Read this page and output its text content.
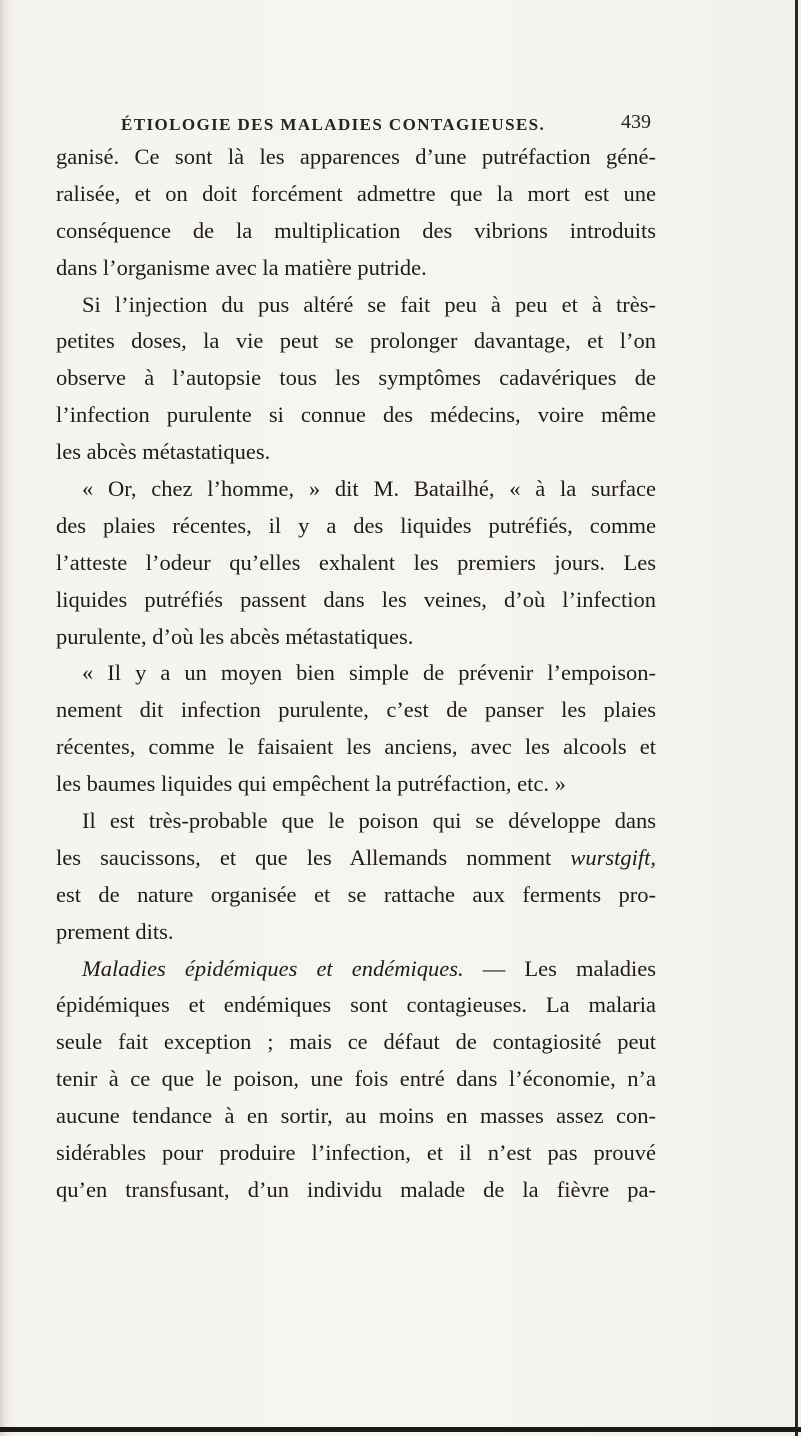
ÉTIOLOGIE DES MALADIES CONTAGIEUSES.	439
ganisé. Ce sont là les apparences d’une putréfaction géné-
ralisée, et on doit forcément admettre que la mort est une
conséquence de la multiplication des vibrions introduits
dans l’organisme avec la matière putride.
Si l’injection du pus altéré se fait peu à peu et à très-
petites doses, la vie peut se prolonger davantage, et l’on
observe à l’autopsie tous les symptômes cadavériques de
l’infection purulente si connue des médecins, voire même
les abcès métastatiques.
« Or, chez l’homme, » dit M. Batailhé, « à la surface
des plaies récentes, il y a des liquides putréfiés, comme
l’atteste l’odeur qu’elles exhalent les premiers jours. Les
liquides putréfiés passent dans les veines, d’où l’infection
purulente, d’où les abcès métastatiques.
« Il y a un moyen bien simple de prévenir l’empoison-
nement dit infection purulente, c’est de panser les plaies
récentes, comme le faisaient les anciens, avec les alcools et
les baumes liquides qui empêchent la putréfaction, etc. »
Il est très-probable que le poison qui se développe dans
les saucissons, et que les Allemands nomment wurstgift,
est de nature organisée et se rattache aux ferments pro-
prement dits.
Maladies épidémiques et endémiques. — Les maladies
épidémiques et endémiques sont contagieuses. La malaria
seule fait exception ; mais ce défaut de contagiosité peut
tenir à ce que le poison, une fois entré dans l’économie, n’a
aucune tendance à en sortir, au moins en masses assez con-
sidérables pour produire l’infection, et il n’est pas prouvé
qu’en transfusant, d’un individu malade de la fièvre pa-
